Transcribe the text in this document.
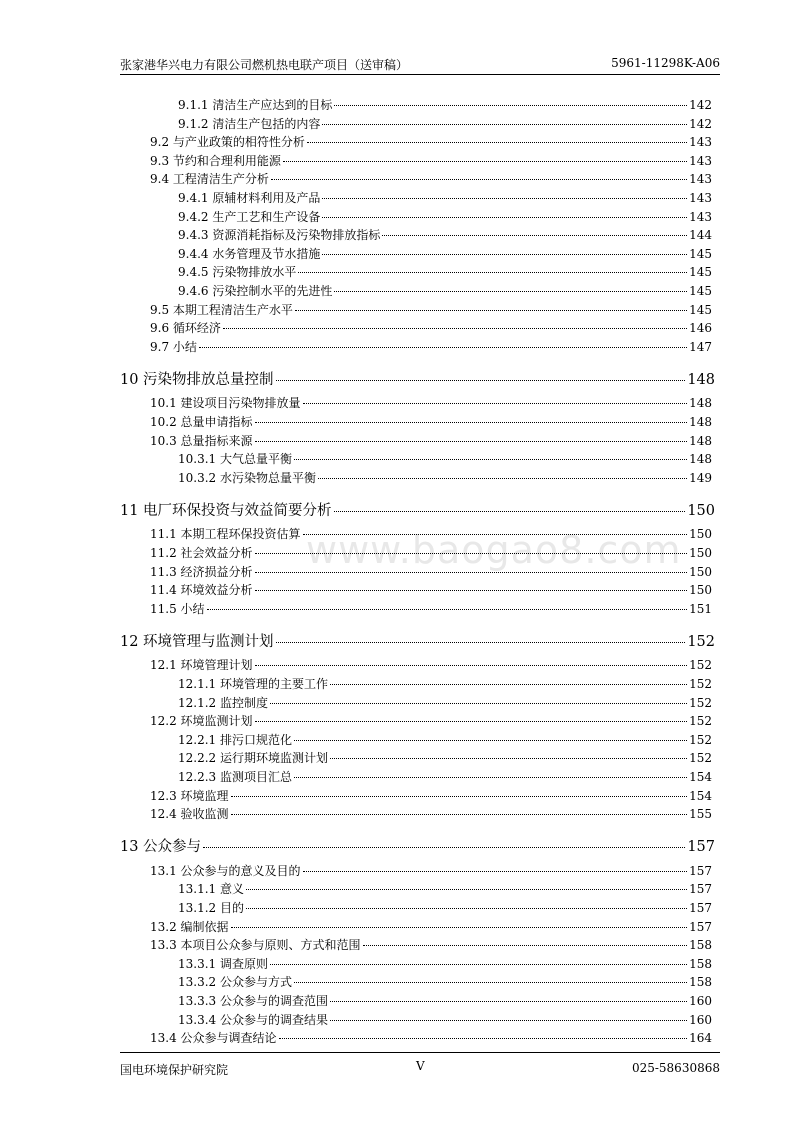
张家港华兴电力有限公司燃机热电联产项目（送审稿）	5961-11298K-A06
www.baogao8.com
9.1.1 清洁生产应达到的目标	142
9.1.2 清洁生产包括的内容	142
9.2 与产业政策的相符性分析	143
9.3 节约和合理利用能源	143
9.4 工程清洁生产分析	143
9.4.1 原辅材料利用及产品	143
9.4.2 生产工艺和生产设备	143
9.4.3 资源消耗指标及污染物排放指标	144
9.4.4 水务管理及节水措施	145
9.4.5 污染物排放水平	145
9.4.6 污染控制水平的先进性	145
9.5 本期工程清洁生产水平	145
9.6 循环经济	146
9.7 小结	147
10 污染物排放总量控制	148
10.1 建设项目污染物排放量	148
10.2 总量申请指标	148
10.3 总量指标来源	148
10.3.1 大气总量平衡	148
10.3.2 水污染物总量平衡	149
11 电厂环保投资与效益简要分析	150
11.1 本期工程环保投资估算	150
11.2 社会效益分析	150
11.3 经济损益分析	150
11.4 环境效益分析	150
11.5 小结	151
12 环境管理与监测计划	152
12.1 环境管理计划	152
12.1.1 环境管理的主要工作	152
12.1.2 监控制度	152
12.2 环境监测计划	152
12.2.1 排污口规范化	152
12.2.2 运行期环境监测计划	152
12.2.3 监测项目汇总	154
12.3 环境监理	154
12.4 验收监测	155
13 公众参与	157
13.1 公众参与的意义及目的	157
13.1.1 意义	157
13.1.2 目的	157
13.2 编制依据	157
13.3 本项目公众参与原则、方式和范围	158
13.3.1 调查原则	158
13.3.2 公众参与方式	158
13.3.3 公众参与的调查范围	160
13.3.4 公众参与的调查结果	160
13.4 公众参与调查结论	164
国电环境保护研究院	V	025-58630868
